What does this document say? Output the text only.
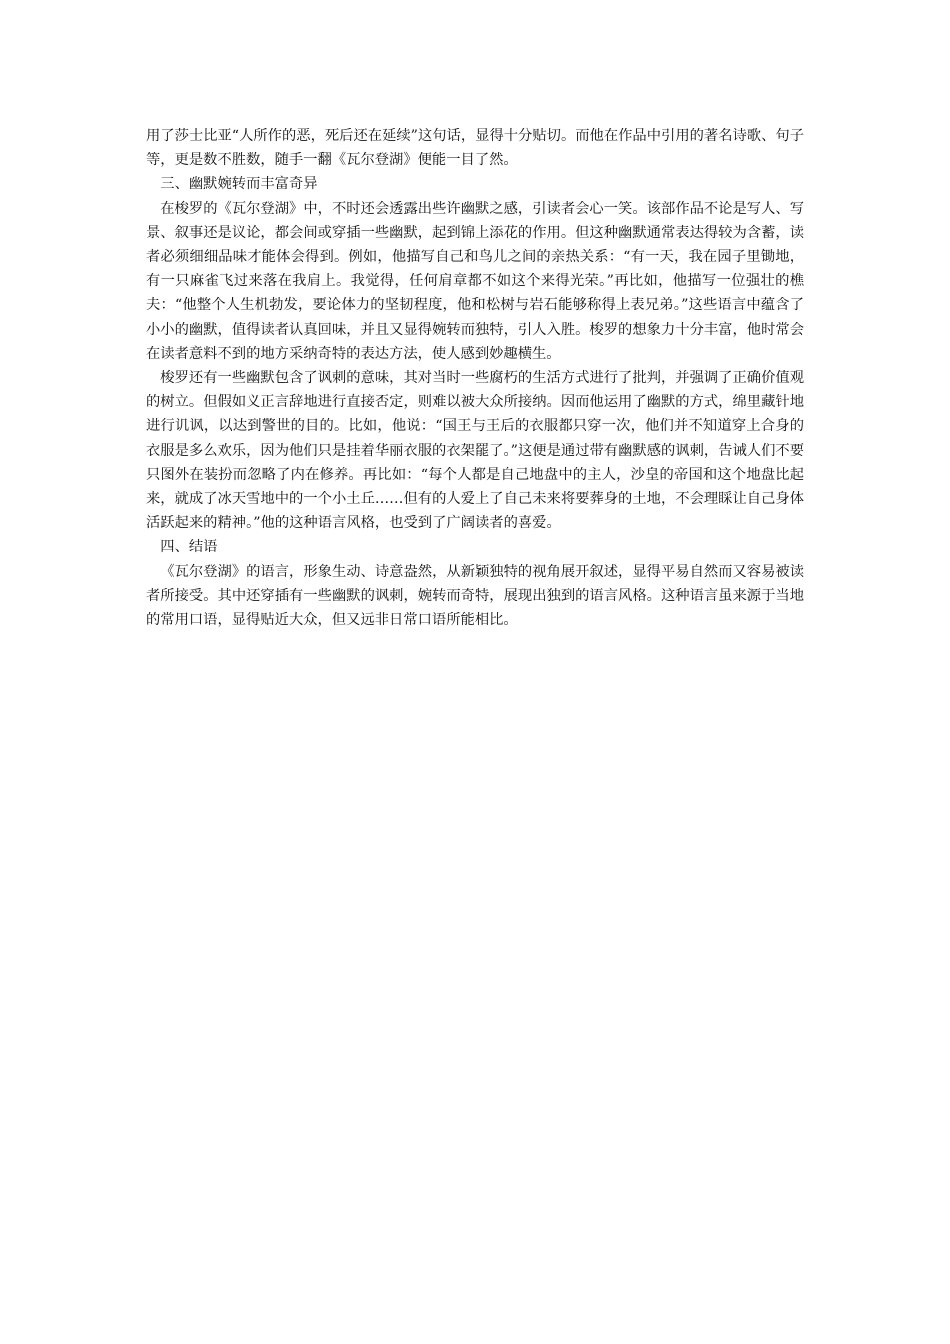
用了莎士比亚“人所作的恶，死后还在延续”这句话，显得十分贴切。而他在作品中引用的著名诗歌、句子等，更是数不胜数，随手一翻《瓦尔登湖》便能一目了然。

三、幽默婉转而丰富奇异

在梭罗的《瓦尔登湖》中，不时还会透露出些许幽默之感，引读者会心一笑。该部作品不论是写人、写景、叙事还是议论，都会间或穿插一些幽默，起到锦上添花的作用。但这种幽默通常表达得较为含蓄，读者必须细细品味才能体会得到。例如，他描写自己和鸟儿之间的亲热关系：“有一天，我在园子里锄地，有一只麻雀飞过来落在我肩上。我觉得，任何肩章都不如这个来得光荣。”再比如，他描写一位强壮的樵夫：“他整个人生机勃发，要论体力的坚韧程度，他和松树与岩石能够称得上表兄弟。”这些语言中蕴含了小小的幽默，值得读者认真回味，并且又显得婉转而独特，引人入胜。梭罗的想象力十分丰富，他时常会在读者意料不到的地方采纳奇特的表达方法，使人感到妙趣横生。

梭罗还有一些幽默包含了讽刺的意味，其对当时一些腐朽的生活方式进行了批判，并强调了正确价值观的树立。但假如义正言辞地进行直接否定，则难以被大众所接纳。因而他运用了幽默的方式，绵里藏针地进行讥讽，以达到警世的目的。比如，他说：“国王与王后的衣服都只穿一次，他们并不知道穿上合身的衣服是多么欢乐，因为他们只是挂着华丽衣服的衣架罷了。”这便是通过带有幽默感的讽刺，告诫人们不要只图外在装扮而忽略了内在修养。再比如：“每个人都是自己地盘中的主人，沙皇的帝国和这个地盘比起来，就成了冰天雪地中的一个小土丘……但有的人爱上了自己未来将要葬身的土地，不会理睬让自己身体活跃起来的精神。”他的这种语言风格，也受到了广阔读者的喜爱。

四、结语

《瓦尔登湖》的语言，形象生动、诗意盎然，从新颖独特的视角展开叙述，显得平易自然而又容易被读者所接受。其中还穿插有一些幽默的讽刺，婉转而奇特，展现出独到的语言风格。这种语言虽来源于当地的常用口语，显得贴近大众，但又远非日常口语所能相比。
